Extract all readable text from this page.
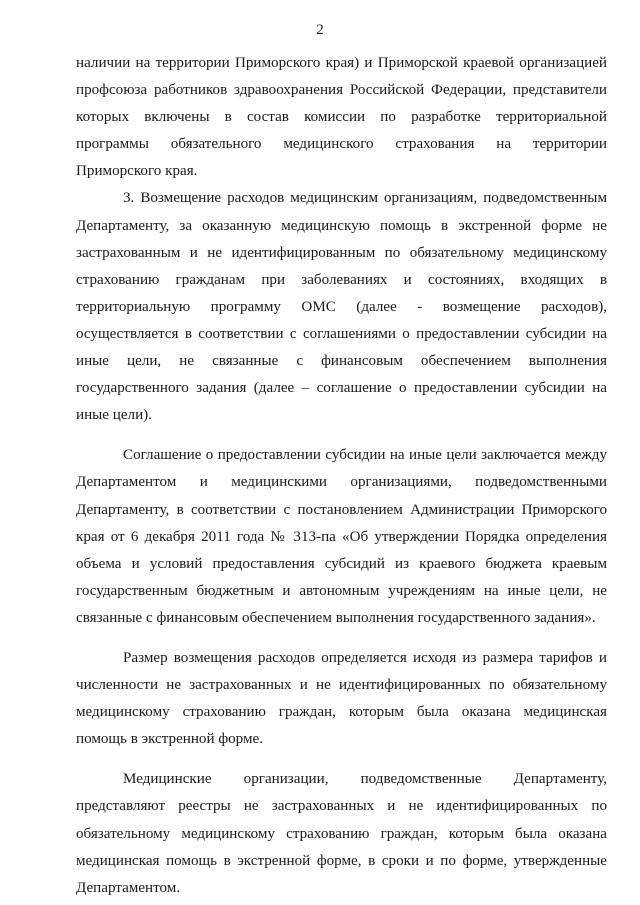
2
наличии на территории Приморского края) и Приморской краевой организацией
профсоюза работников здравоохранения Российской Федерации, представители
которых включены в состав комиссии по разработке территориальной
программы обязательного медицинского страхования на территории
Приморского края.
3. Возмещение расходов медицинским организациям, подведомственным
Департаменту, за оказанную медицинскую помощь в экстренной форме не
застрахованным и не идентифицированным по обязательному медицинскому
страхованию гражданам при заболеваниях и состояниях, входящих в
территориальную программу ОМС (далее - возмещение расходов),
осуществляется в соответствии с соглашениями о предоставлении субсидии на
иные цели, не связанные с финансовым обеспечением выполнения
государственного задания (далее – соглашение о предоставлении субсидии на
иные цели).
Соглашение о предоставлении субсидии на иные цели заключается между
Департаментом и медицинскими организациями, подведомственными
Департаменту, в соответствии с постановлением Администрации Приморского
края от 6 декабря 2011 года № 313-па «Об утверждении Порядка определения
объема и условий предоставления субсидий из краевого бюджета краевым
государственным бюджетным и автономным учреждениям на иные цели, не
связанные с финансовым обеспечением выполнения государственного задания».
Размер возмещения расходов определяется исходя из размера тарифов и
численности не застрахованных и не идентифицированных по обязательному
медицинскому страхованию граждан, которым была оказана медицинская
помощь в экстренной форме.
Медицинские организации, подведомственные Департаменту,
представляют реестры не застрахованных и не идентифицированных по
обязательному медицинскому страхованию граждан, которым была оказана
медицинская помощь в экстренной форме, в сроки и по форме, утвержденные
Департаментом.
